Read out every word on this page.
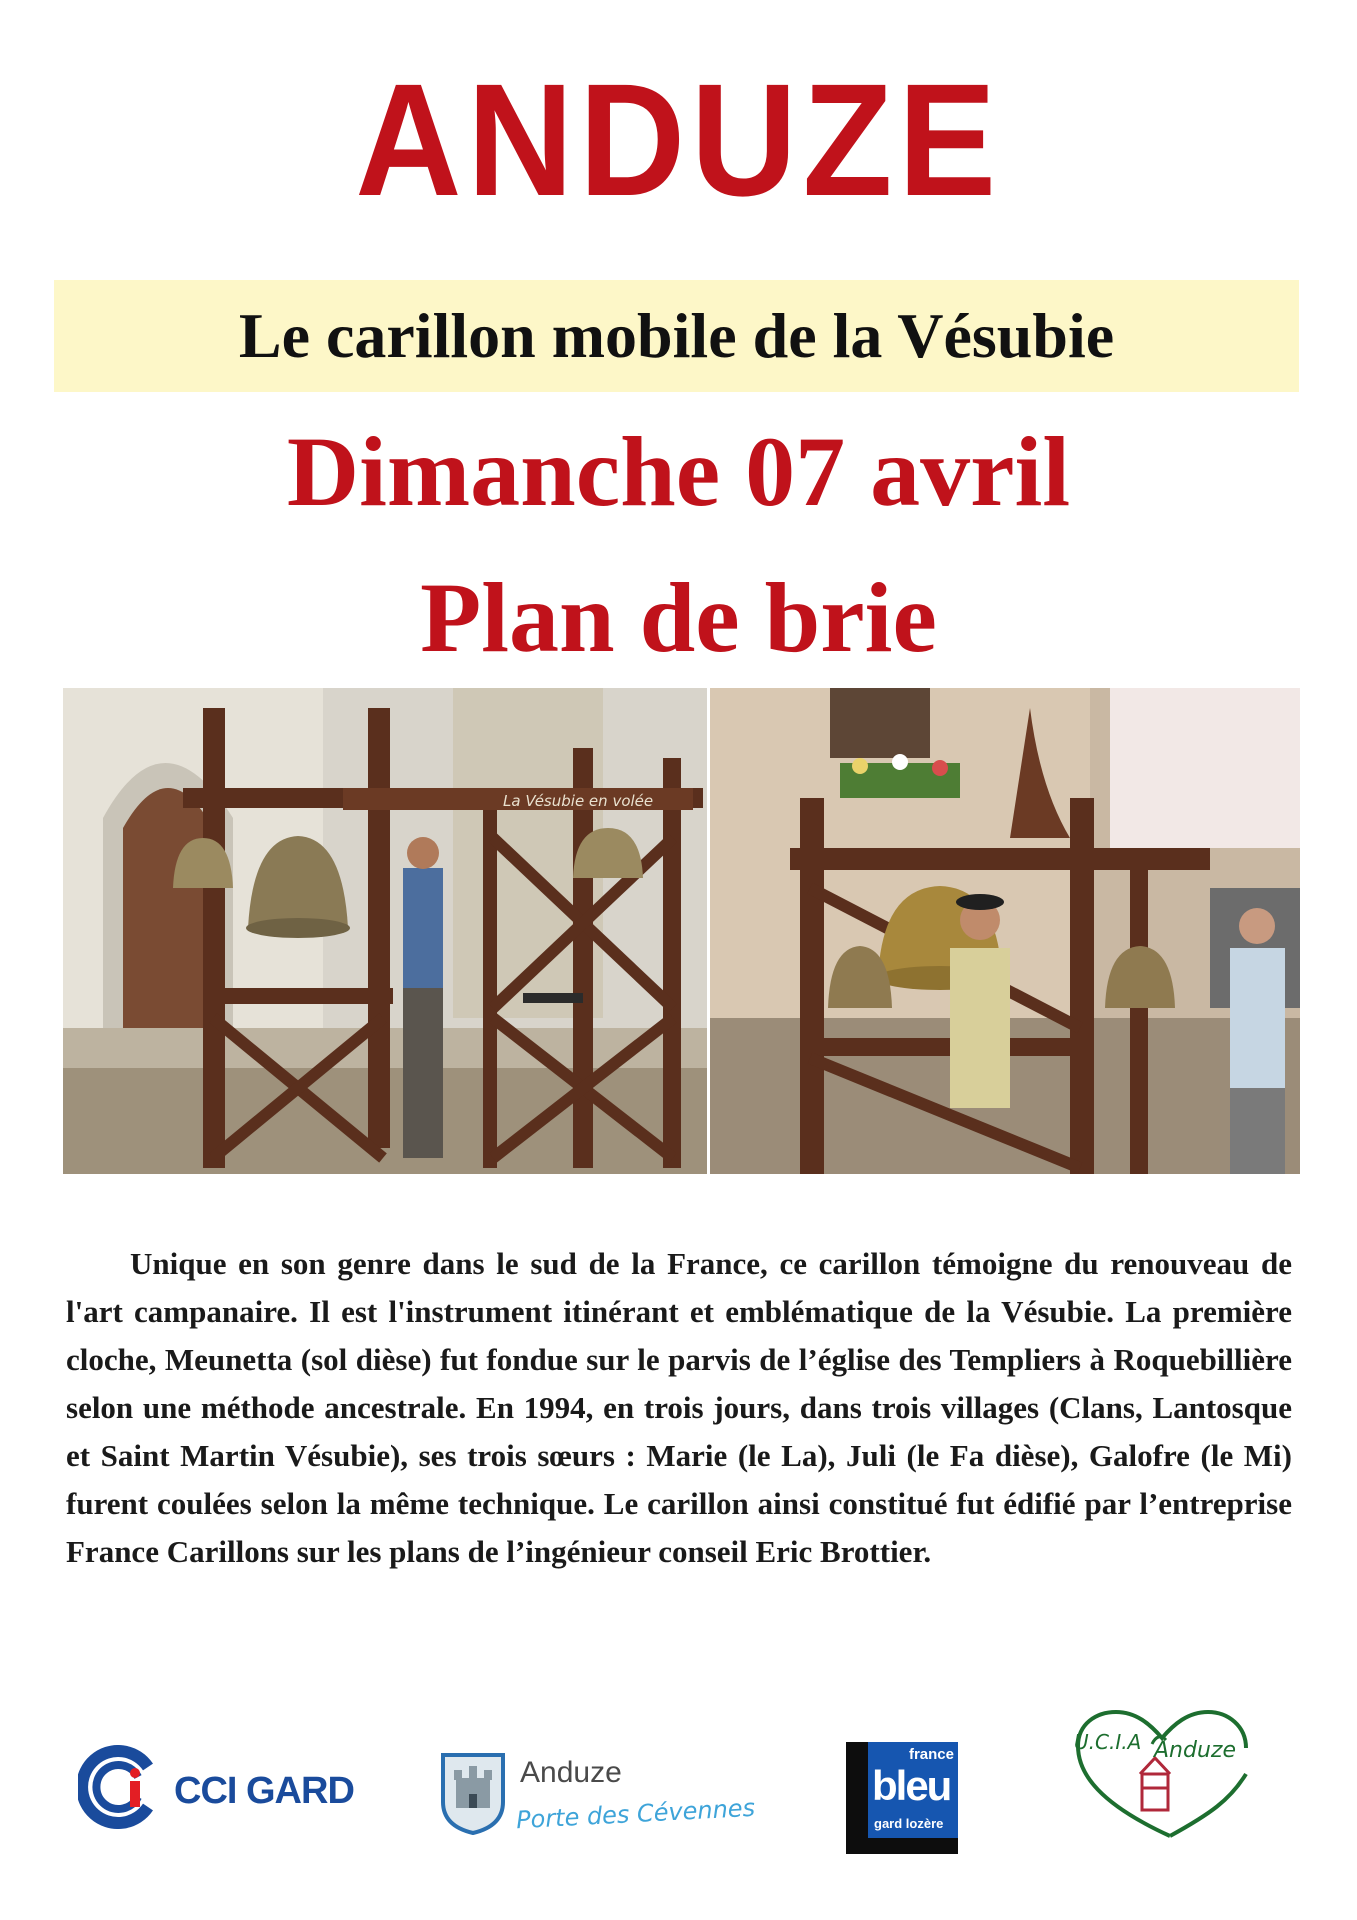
ANDUZE
Le carillon mobile de la Vésubie
Dimanche 07 avril
Plan de brie
La Vésubie en volée
Unique en son genre dans le sud de la France, ce carillon témoigne du renouveau de l'art campanaire. Il est l'instrument itinérant et emblématique de la Vésubie. La première cloche, Meunetta (sol dièse) fut fondue sur le parvis de l’église des Templiers à Roquebillière selon une méthode ancestrale. En 1994, en trois jours, dans trois villages (Clans, Lantosque et Saint Martin Vésubie), ses trois sœurs : Marie (le La), Juli (le Fa dièse), Galofre (le Mi) furent coulées selon la même technique. Le carillon ainsi constitué fut édifié par l’entreprise France Carillons sur les plans de l’ingénieur conseil Eric Brottier.
CCI GARD	Anduze
Porte des Cévennes
france
bleu
gard lozère
U.C.I.A Anduze
